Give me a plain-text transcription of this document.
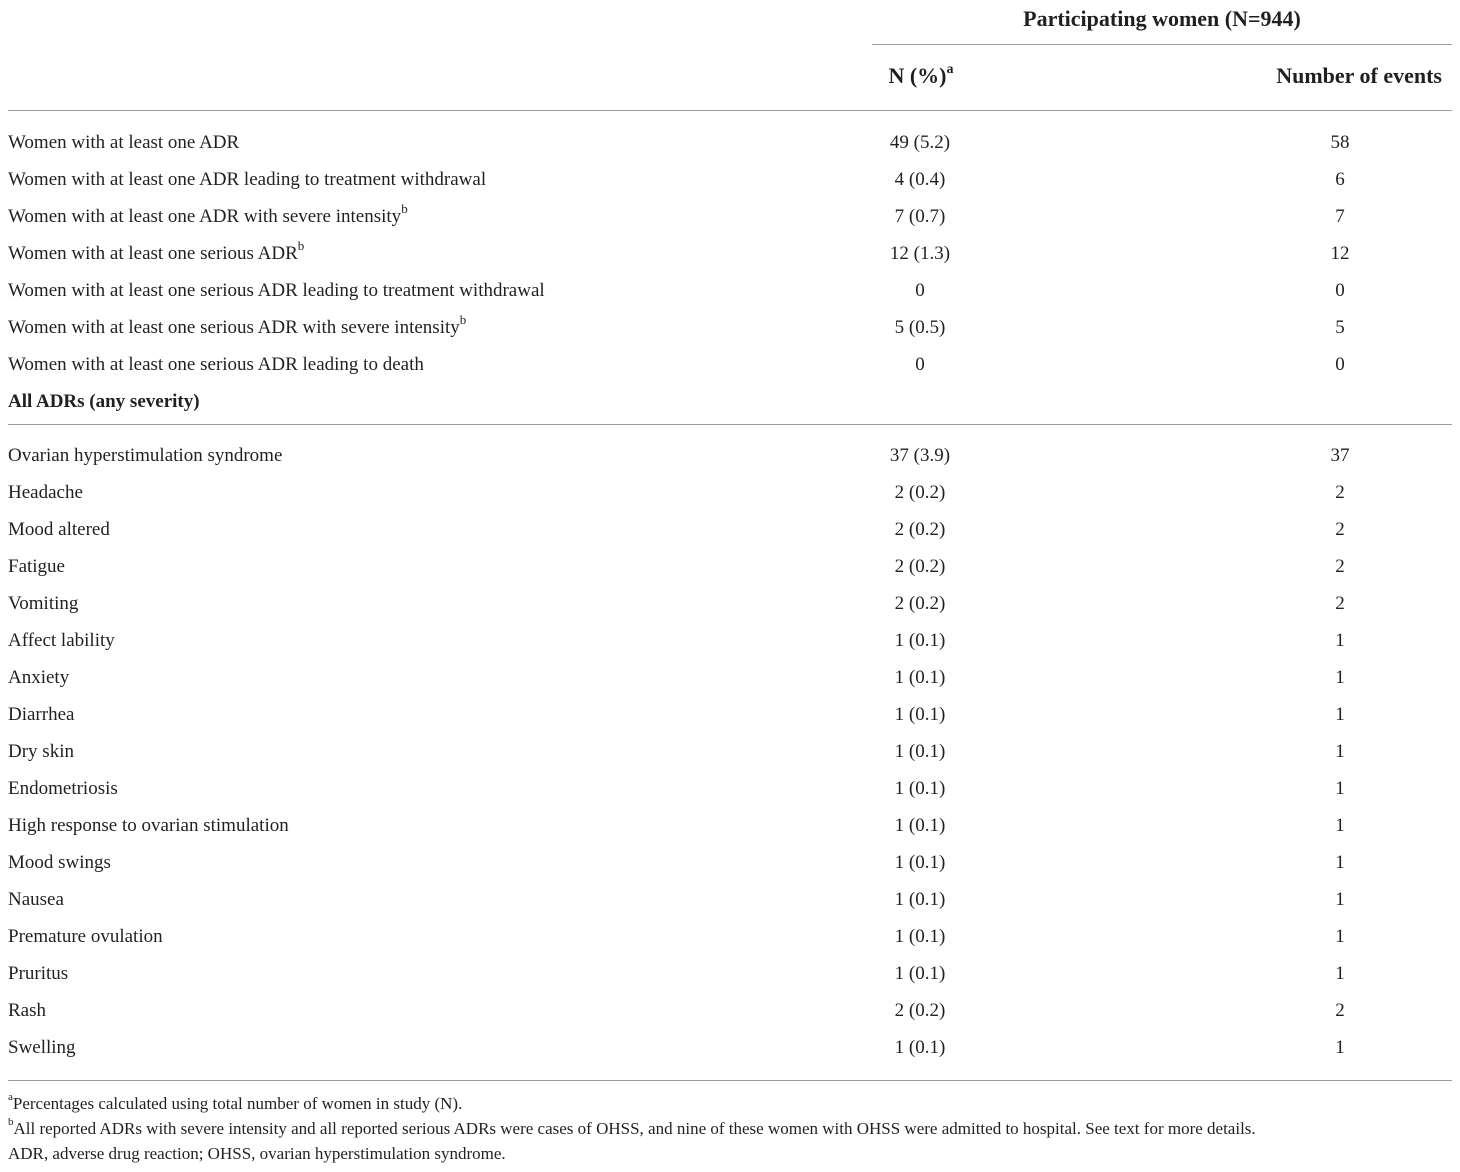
Participating women (N=944)
N (%)$^a$	Number of events
Women with at least one ADR	49 (5.2)	58
Women with at least one ADR leading to treatment withdrawal	4 (0.4)	6
Women with at least one ADR with severe intensity$^b$	7 (0.7)	7
Women with at least one serious ADR$^b$	12 (1.3)	12
Women with at least one serious ADR leading to treatment withdrawal	0	0
Women with at least one serious ADR with severe intensity$^b$	5 (0.5)	5
Women with at least one serious ADR leading to death	0	0
All ADRs (any severity)
Ovarian hyperstimulation syndrome	37 (3.9)	37
Headache	2 (0.2)	2
Mood altered	2 (0.2)	2
Fatigue	2 (0.2)	2
Vomiting	2 (0.2)	2
Affect lability	1 (0.1)	1
Anxiety	1 (0.1)	1
Diarrhea	1 (0.1)	1
Dry skin	1 (0.1)	1
Endometriosis	1 (0.1)	1
High response to ovarian stimulation	1 (0.1)	1
Mood swings	1 (0.1)	1
Nausea	1 (0.1)	1
Premature ovulation	1 (0.1)	1
Pruritus	1 (0.1)	1
Rash	2 (0.2)	2
Swelling	1 (0.1)	1

$^a$Percentages calculated using total number of women in study (N).

$^b$All reported ADRs with severe intensity and all reported serious ADRs were cases of OHSS, and nine of these women with OHSS were admitted to hospital. See text for more details.

ADR, adverse drug reaction; OHSS, ovarian hyperstimulation syndrome.
